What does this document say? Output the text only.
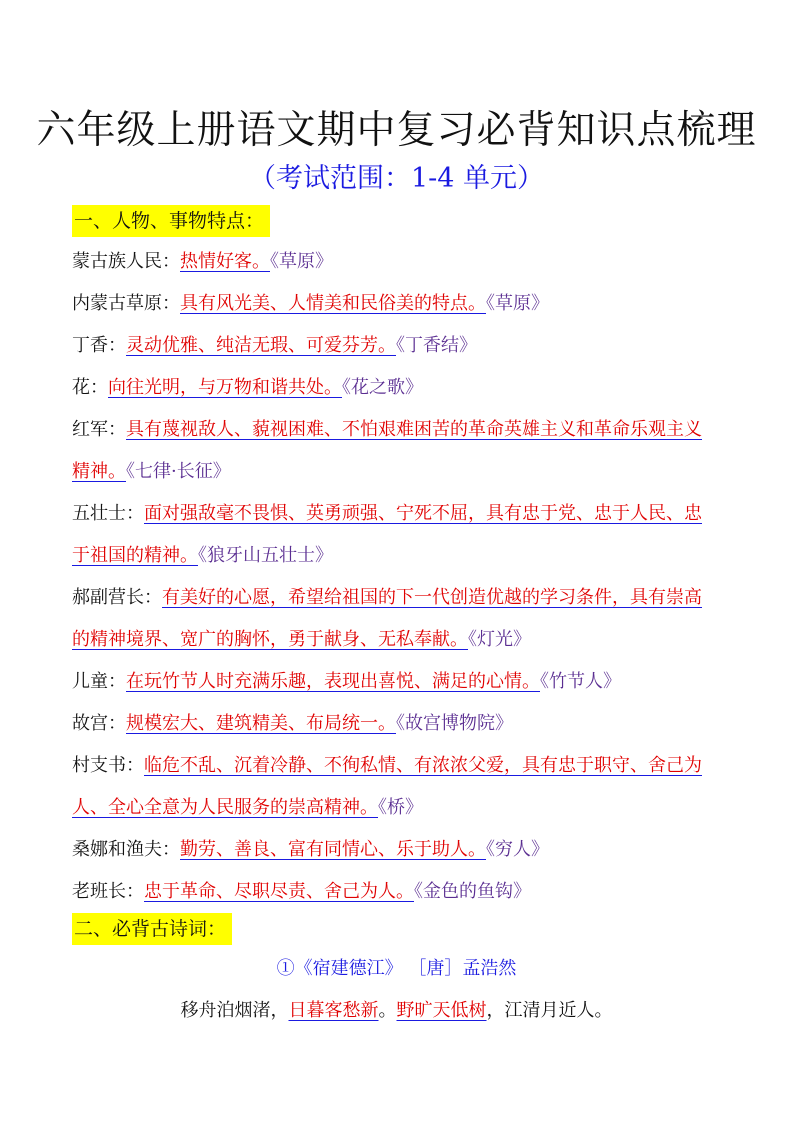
六年级上册语文期中复习必背知识点梳理
（考试范围：1-4 单元）
一、人物、事物特点：
蒙古族人民：热情好客。《草原》
内蒙古草原：具有风光美、人情美和民俗美的特点。《草原》
丁香：灵动优雅、纯洁无瑕、可爱芬芳。《丁香结》
花：向往光明，与万物和谐共处。《花之歌》
红军：具有蔑视敌人、藐视困难、不怕艰难困苦的革命英雄主义和革命乐观主义
精神。《七律·长征》
五壮士：面对强敌毫不畏惧、英勇顽强、宁死不屈，具有忠于党、忠于人民、忠
于祖国的精神。《狼牙山五壮士》
郝副营长：有美好的心愿，希望给祖国的下一代创造优越的学习条件，具有崇高
的精神境界、宽广的胸怀，勇于献身、无私奉献。《灯光》
儿童：在玩竹节人时充满乐趣，表现出喜悦、满足的心情。《竹节人》
故宫：规模宏大、建筑精美、布局统一。《故宫博物院》
村支书：临危不乱、沉着冷静、不徇私情、有浓浓父爱，具有忠于职守、舍己为
人、全心全意为人民服务的崇高精神。《桥》
桑娜和渔夫：勤劳、善良、富有同情心、乐于助人。《穷人》
老班长：忠于革命、尽职尽责、舍己为人。《金色的鱼钩》
二、必背古诗词：
①《宿建德江》 ［唐］孟浩然
移舟泊烟渚，日暮客愁新。野旷天低树，江清月近人。
